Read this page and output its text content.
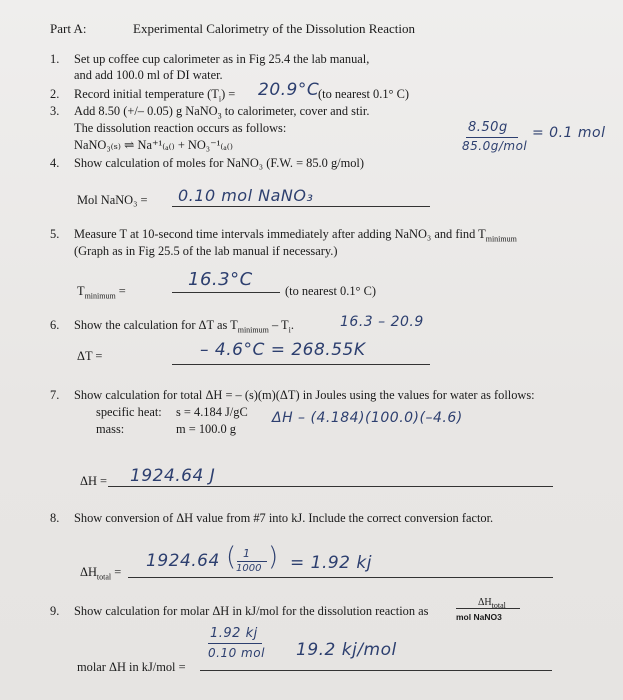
Part A:	Experimental Calorimetry of the Dissolution Reaction
1. Set up coffee cup calorimeter as in Fig 25.4 the lab manual,
and add 100.0 ml of DI water.
2. Record initial temperature $(T_i) = 20.9^\circ C$
(to nearest 0.1° C)
3. Add 8.50 (+/– 0.05) g NaNO$_3$ to calorimeter, cover and stir.
The dissolution reaction occurs as follows:
NaNO₃₍ₛ₎ ⇌ Na⁺¹₍ₐ₍₎ + NO₃⁻¹₍ₐ₍₎
8.50g
85.0g/mol
= 0.1 mol
4. Show calculation of moles for NaNO₃ (F.W. = 85.0 g/mol)
Mol NaNO₃ = 0.10 mol NaNO₃
5. Measure T at 10-second time intervals immediately after adding NaNO₃ and find $T_{minimum}$
(Graph as in Fig 25.5 of the lab manual if necessary.)
$T_{minimum}$ =
16.3°C
(to nearest 0.1° C)
6. Show the calculation for ΔT as $T_{minimum} - T_i$.	16.3 – 20.9
ΔT =	– 4.6°C = 268.55K
7. Show calculation for total ΔH = – (s)(m)(ΔT) in Joules using the values for water as follows:
specific heat: s = 4.184 J/gC
mass:	m = 100.0 g
ΔH – (4.184)(100.0)(–4.6)
ΔH = 1924.64 J
8. Show conversion of ΔH value from #7 into kJ. Include the correct conversion factor.
$\Delta H_{total}$ =
1924.64 ( 1
1000 ) = 1.92 kj
9. Show calculation for molar ΔH in kJ/mol for the dissolution reaction as
$\Delta H_{total}$
mol NaNO3
1.92 kj
0.10 mol 19.2 kj/mol
molar ΔH in kJ/mol =
